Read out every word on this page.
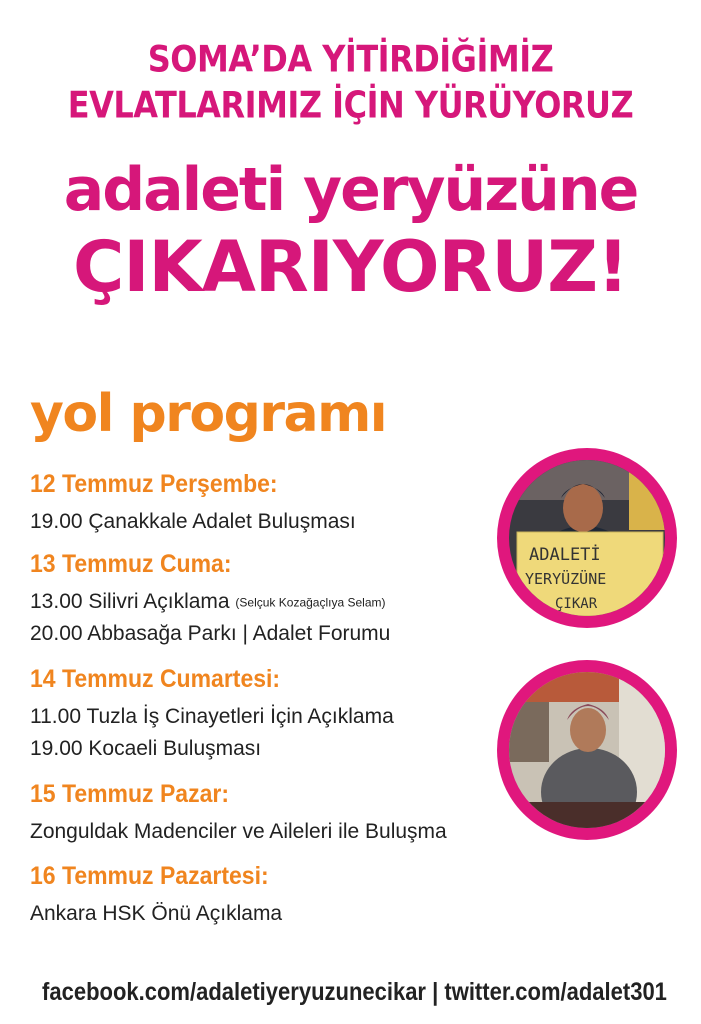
SOMA’DA YİTİRDİĞİMİZ
EVLATLARIMIZ İÇİN YÜRÜYORUZ
adaleti yeryüzüne
ÇIKARIYORUZ!
yol programı
12 Temmuz Perşembe:
19.00 Çanakkale Adalet Buluşması
13 Temmuz Cuma:
13.00 Silivri Açıklama (Selçuk Kozağaçlıya Selam)
20.00 Abbasağa Parkı | Adalet Forumu
14 Temmuz Cumartesi:
11.00 Tuzla İş Cinayetleri İçin Açıklama
19.00 Kocaeli Buluşması
15 Temmuz Pazar:
Zonguldak Madenciler ve Aileleri ile Buluşma
16 Temmuz Pazartesi:
Ankara HSK Önü Açıklama
ADALETİ
YERYÜZÜNE
ÇIKAR
facebook.com/adaletiyeryuzunecikar | twitter.com/adalet301
